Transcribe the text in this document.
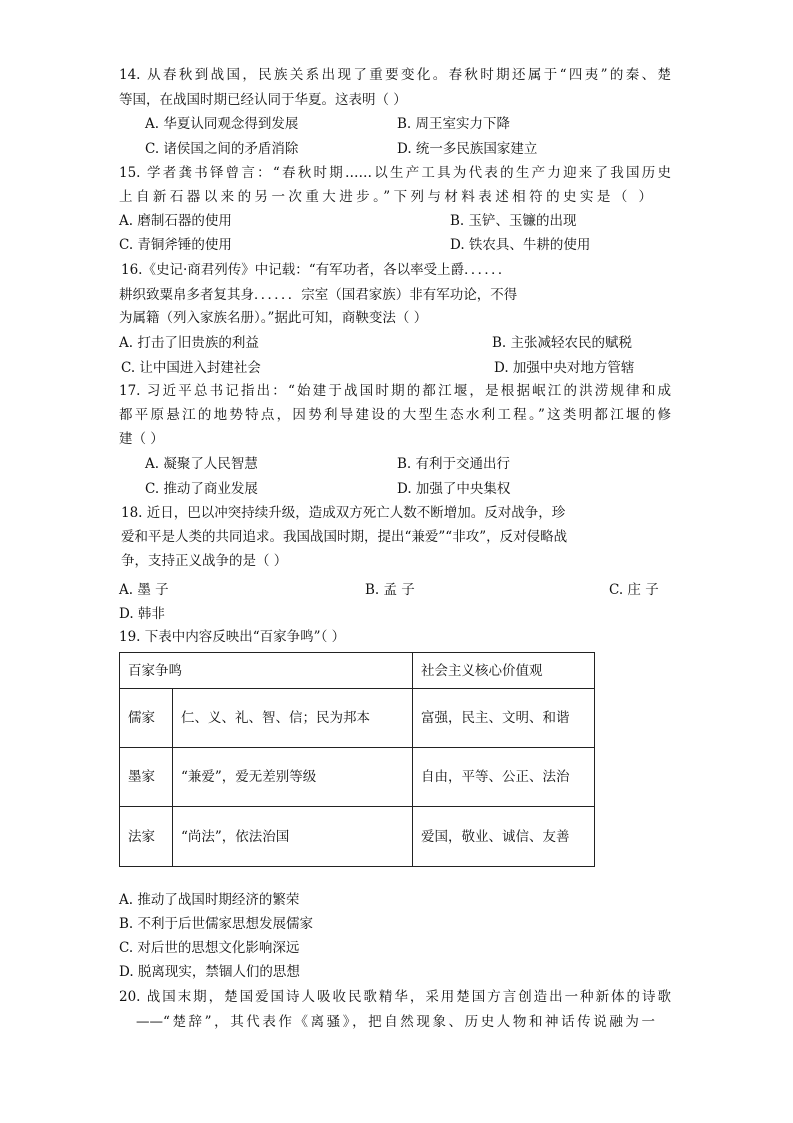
14. 从春秋到战国，民族关系出现了重要变化。春秋时期还属于“四夷”的秦、楚
等国，在战国时期已经认同于华夏。这表明（ ）
A. 华夏认同观念得到发展	B. 周王室实力下降
C. 诸侯国之间的矛盾消除	D. 统一多民族国家建立
15. 学者龚书铎曾言：“春秋时期……以生产工具为代表的生产力迎来了我国历史
上自新石器以来的另一次重大进步。”下列与材料表述相符的史实是（ ）
A. 磨制石器的使用	B. 玉铲、玉镰的出现
C. 青铜斧锤的使用	D. 铁农具、牛耕的使用
16.《史记·商君列传》中记载：“有军功者，各以率受上爵．．．．．．
耕织致粟帛多者复其身．．．．．．宗室（国君家族）非有军功论，不得
为属籍（列入家族名册）。”据此可知，商鞅变法（ ）
A. 打击了旧贵族的利益	B. 主张减轻农民的赋税
C. 让中国进入封建社会	D. 加强中央对地方管辖
17. 习近平总书记指出：“始建于战国时期的都江堰，是根据岷江的洪涝规律和成
都平原悬江的地势特点，因势利导建设的大型生态水利工程。”这类明都江堰的修
建（ ）
A. 凝聚了人民智慧	B. 有利于交通出行
C. 推动了商业发展	D. 加强了中央集权
18. 近日，巴以冲突持续升级，造成双方死亡人数不断增加。反对战争，珍
爱和平是人类的共同追求。我国战国时期，提出“兼爱”“非攻”，反对侵略战
争，支持正义战争的是（ ）
A. 墨 子	B. 孟 子	C. 庄 子
D. 韩非
19. 下表中内容反映出“百家争鸣”（ ）
百家争鸣		社会主义核心价值观
儒家	仁、义、礼、智、信；民为邦本	富强，民主、文明、和谐
墨家	“兼爱”，爱无差别等级	自由，平等、公正、法治
法家	“尚法”，依法治国	爱国，敬业、诚信、友善
A. 推动了战国时期经济的繁荣
B. 不利于后世儒家思想发展儒家
C. 对后世的思想文化影响深远
D. 脱离现实，禁锢人们的思想
20. 战国末期，楚国爱国诗人吸收民歌精华，采用楚国方言创造出一种新体的诗歌
——“楚辞”，其代表作《离骚》，把自然现象、历史人物和神话传说融为一
